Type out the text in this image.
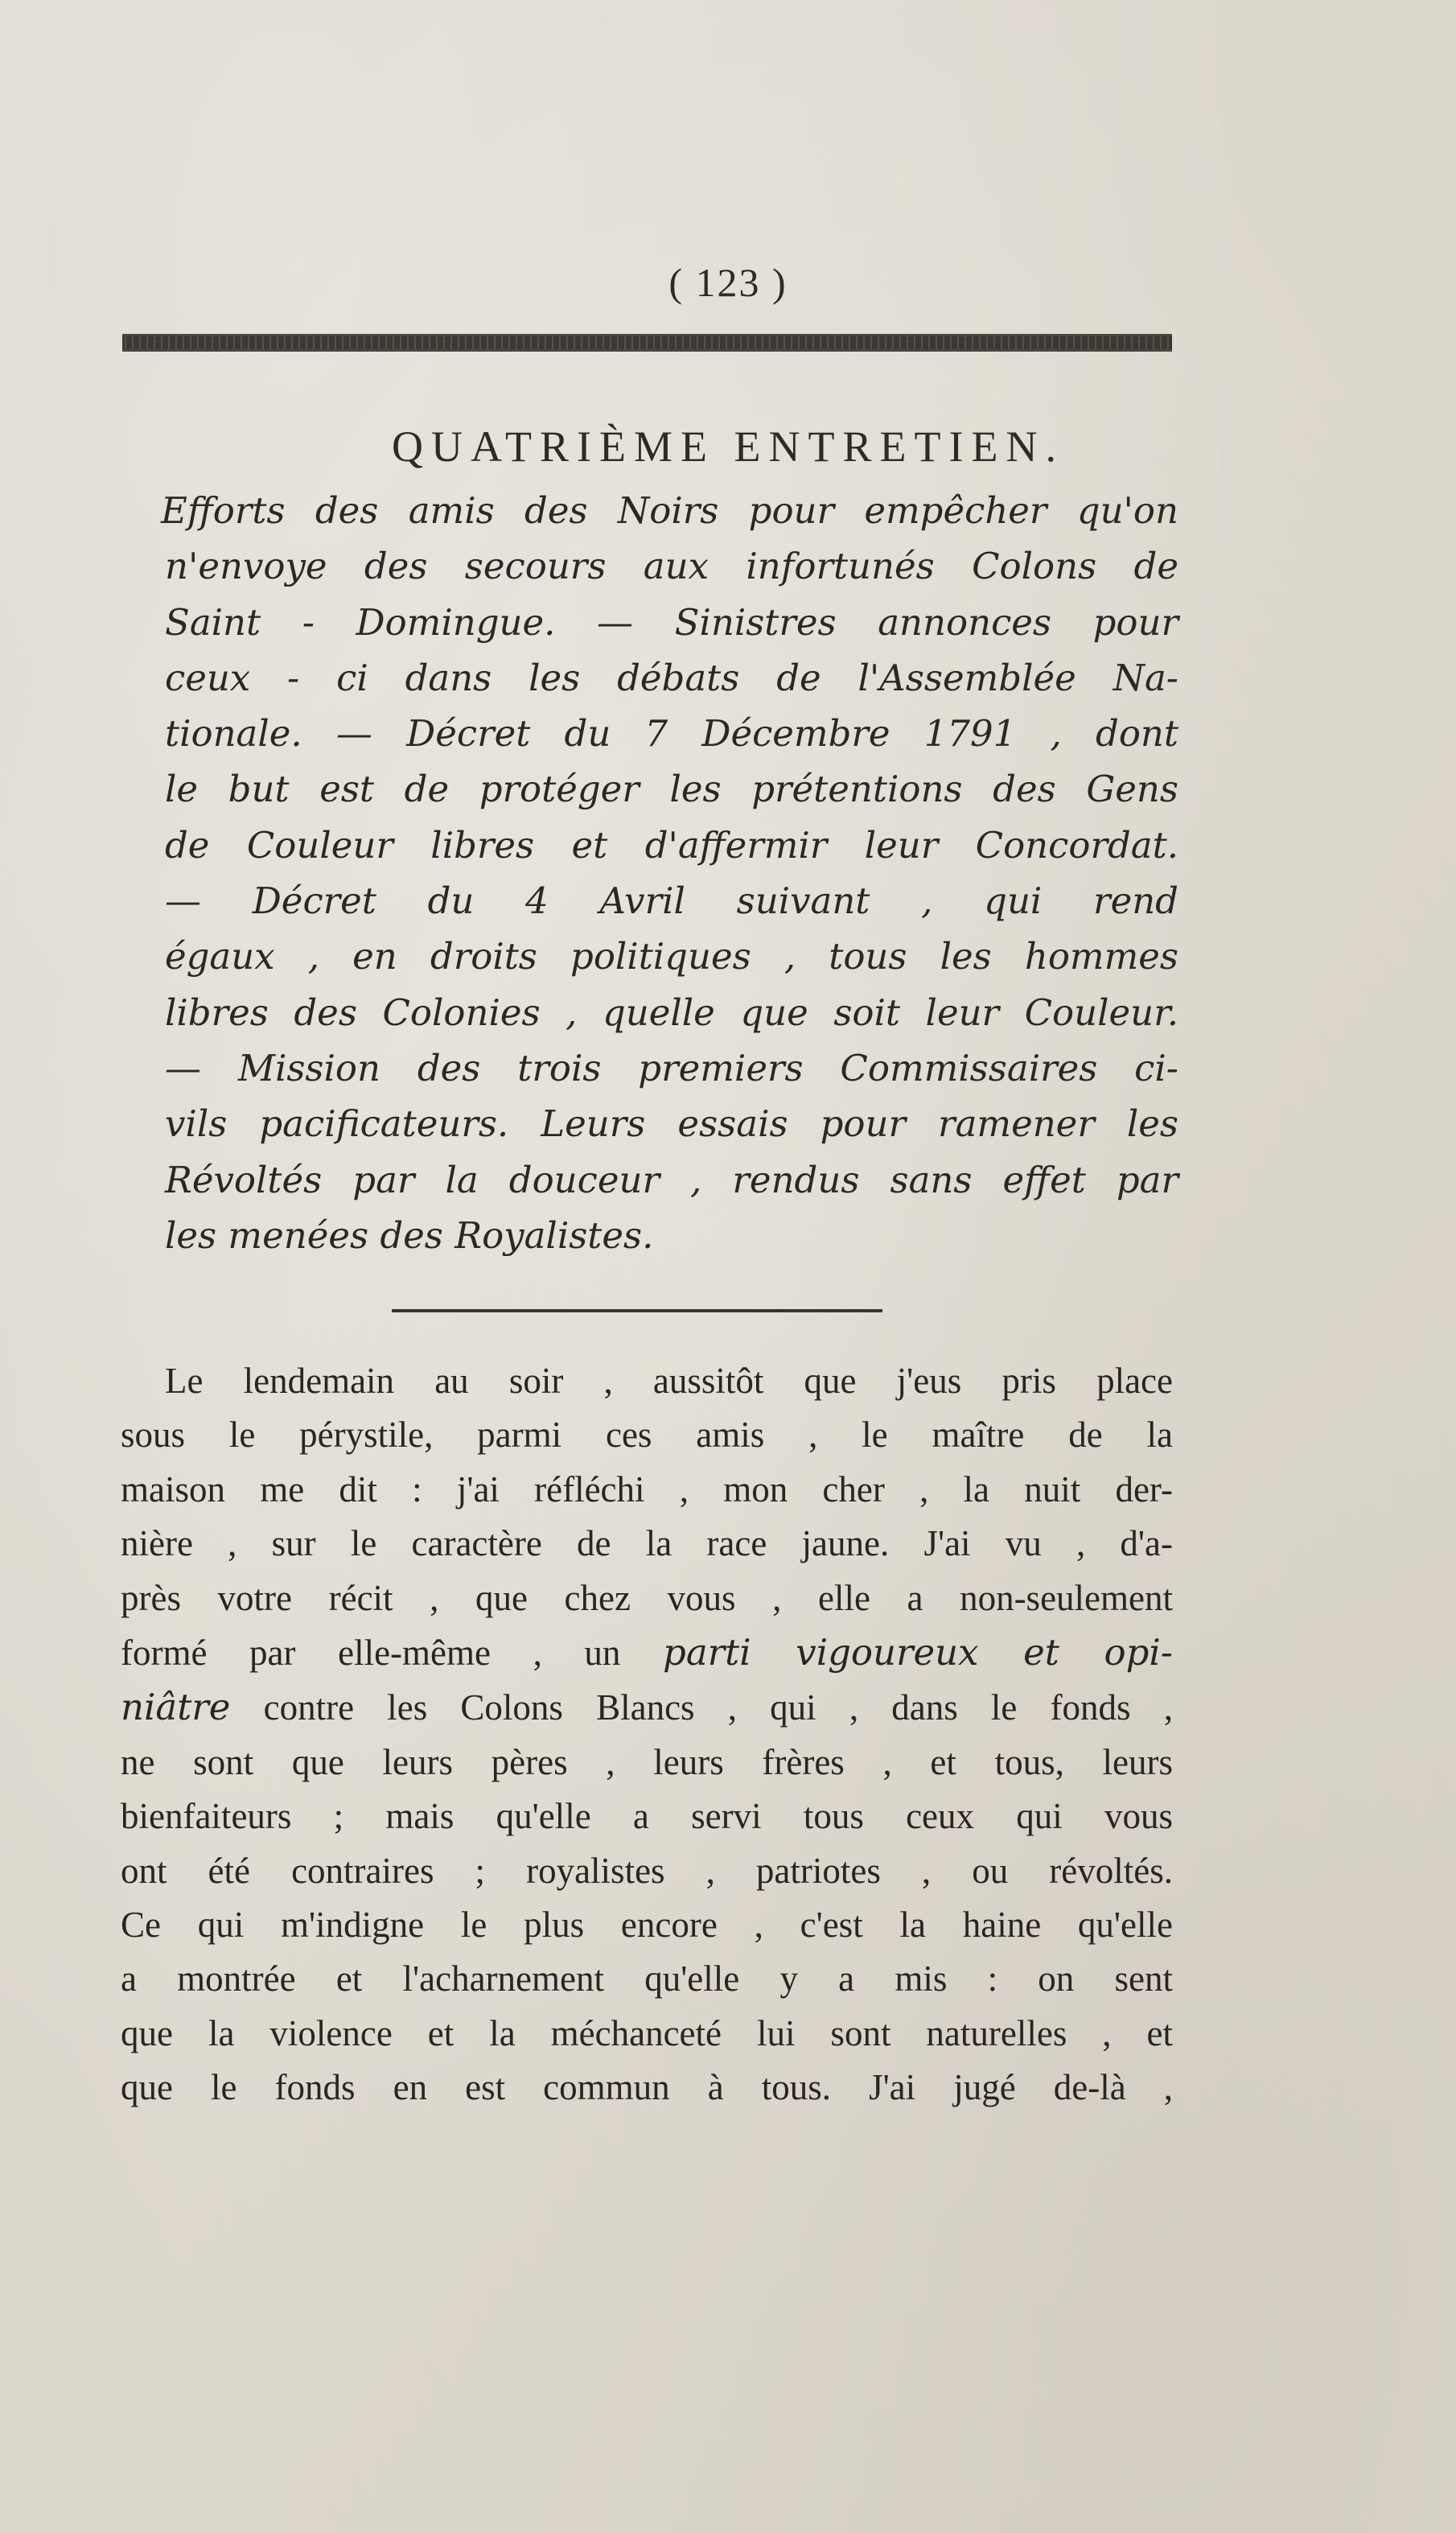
( 123 )
QUATRIÈME ENTRETIEN.

Efforts des amis des Noirs pour empêcher qu'on
n'envoye des secours aux infortunés Colons de
Saint - Domingue. — Sinistres annonces pour
ceux - ci dans les débats de l'Assemblée Na-
tionale. — Décret du 7 Décembre 1791 , dont
le but est de protéger les prétentions des Gens
de Couleur libres et d'affermir leur Concordat.
— Décret du 4 Avril suivant , qui rend
égaux , en droits politiques , tous les hommes
libres des Colonies , quelle que soit leur Couleur.
— Mission des trois premiers Commissaires ci-
vils pacificateurs. Leurs essais pour ramener les
Révoltés par la douceur , rendus sans effet par
les menées des Royalistes.

Le lendemain au soir , aussitôt que j'eus pris place
sous le pérystile, parmi ces amis , le maître de la
maison me dit : j'ai réfléchi , mon cher , la nuit der-
nière , sur le caractère de la race jaune. J'ai vu , d'a-
près votre récit , que chez vous , elle a non-seulement
formé par elle-même , un parti vigoureux et opi-
niâtre contre les Colons Blancs , qui , dans le fonds ,
ne sont que leurs pères , leurs frères , et tous, leurs
bienfaiteurs ; mais qu'elle a servi tous ceux qui vous
ont été contraires ; royalistes , patriotes , ou révoltés.
Ce qui m'indigne le plus encore , c'est la haine qu'elle
a montrée et l'acharnement qu'elle y a mis : on sent
que la violence et la méchanceté lui sont naturelles , et
que le fonds en est commun à tous. J'ai jugé de-là ,
